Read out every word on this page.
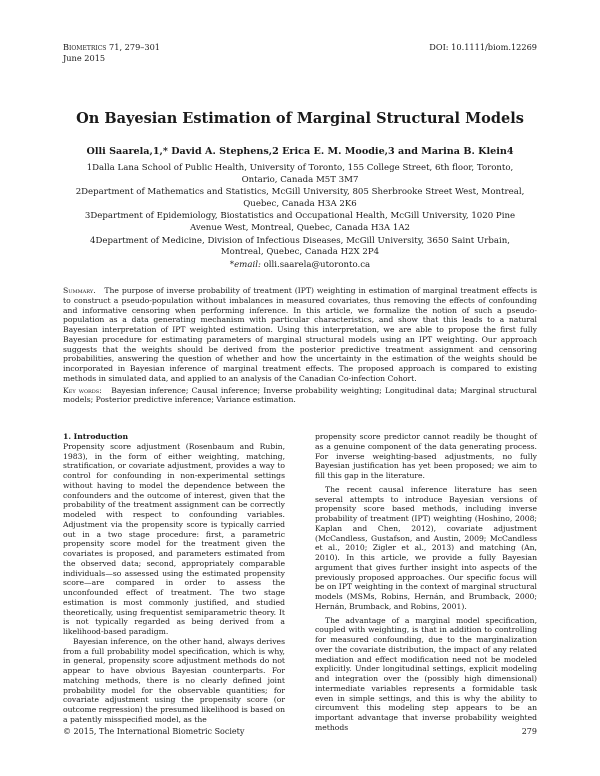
Biometrics 71, 279–301
June 2015
DOI: 10.1111/biom.12269
On Bayesian Estimation of Marginal Structural Models
Olli Saarela,1,* David A. Stephens,2 Erica E. M. Moodie,3 and Marina B. Klein4

1Dalla Lana School of Public Health, University of Toronto, 155 College Street, 6th floor, Toronto, Ontario, Canada M5T 3M7

2Department of Mathematics and Statistics, McGill University, 805 Sherbrooke Street West, Montreal, Quebec, Canada H3A 2K6

3Department of Epidemiology, Biostatistics and Occupational Health, McGill University, 1020 Pine Avenue West, Montreal, Quebec, Canada H3A 1A2

4Department of Medicine, Division of Infectious Diseases, McGill University, 3650 Saint Urbain, Montreal, Quebec, Canada H2X 2P4

*email: olli.saarela@utoronto.ca

Summary. The purpose of inverse probability of treatment (IPT) weighting in estimation of marginal treatment effects is to construct a pseudo-population without imbalances in measured covariates, thus removing the effects of confounding and informative censoring when performing inference. In this article, we formalize the notion of such a pseudo-population as a data generating mechanism with particular characteristics, and show that this leads to a natural Bayesian interpretation of IPT weighted estimation. Using this interpretation, we are able to propose the first fully Bayesian procedure for estimating parameters of marginal structural models using an IPT weighting. Our approach suggests that the weights should be derived from the posterior predictive treatment assignment and censoring probabilities, answering the question of whether and how the uncertainty in the estimation of the weights should be incorporated in Bayesian inference of marginal treatment effects. The proposed approach is compared to existing methods in simulated data, and applied to an analysis of the Canadian Co-infection Cohort.

Key words: Bayesian inference; Causal inference; Inverse probability weighting; Longitudinal data; Marginal structural models; Posterior predictive inference; Variance estimation.

1. Introduction

Propensity score adjustment (Rosenbaum and Rubin, 1983), in the form of either weighting, matching, stratification, or covariate adjustment, provides a way to control for confounding in non-experimental settings without having to model the dependence between the confounders and the outcome of interest, given that the probability of the treatment assignment can be correctly modeled with respect to confounding variables. Adjustment via the propensity score is typically carried out in a two stage procedure: first, a parametric propensity score model for the treatment given the covariates is proposed, and parameters estimated from the observed data; second, appropriately comparable individuals—so assessed using the estimated propensity score—are compared in order to assess the unconfounded effect of treatment. The two stage estimation is most commonly justified, and studied theoretically, using frequentist semiparametric theory. It is not typically regarded as being derived from a likelihood-based paradigm.

Bayesian inference, on the other hand, always derives from a full probability model specification, which is why, in general, propensity score adjustment methods do not appear to have obvious Bayesian counterparts. For matching methods, there is no clearly defined joint probability model for the observable quantities; for covariate adjustment using the propensity score (or outcome regression) the presumed likelihood is based on a patently misspecified model, as the

propensity score predictor cannot readily be thought of as a genuine component of the data generating process. For inverse weighting-based adjustments, no fully Bayesian justification has yet been proposed; we aim to fill this gap in the literature.

The recent causal inference literature has seen several attempts to introduce Bayesian versions of propensity score based methods, including inverse probability of treatment (IPT) weighting (Hoshino, 2008; Kaplan and Chen, 2012), covariate adjustment (McCandless, Gustafson, and Austin, 2009; McCandless et al., 2010; Zigler et al., 2013) and matching (An, 2010). In this article, we provide a fully Bayesian argument that gives further insight into aspects of the previously proposed approaches. Our specific focus will be on IPT weighting in the context of marginal structural models (MSMs, Robins, Hernán, and Brumback, 2000; Hernán, Brumback, and Robins, 2001).

The advantage of a marginal model specification, coupled with weighting, is that in addition to controlling for measured confounding, due to the marginalization over the covariate distribution, the impact of any related mediation and effect modification need not be modeled explicitly. Under longitudinal settings, explicit modeling and integration over the (possibly high dimensional) intermediate variables represents a formidable task even in simple settings, and this is why the ability to circumvent this modeling step appears to be an important advantage that inverse probability weighted methods

© 2015, The International Biometric Society	279
